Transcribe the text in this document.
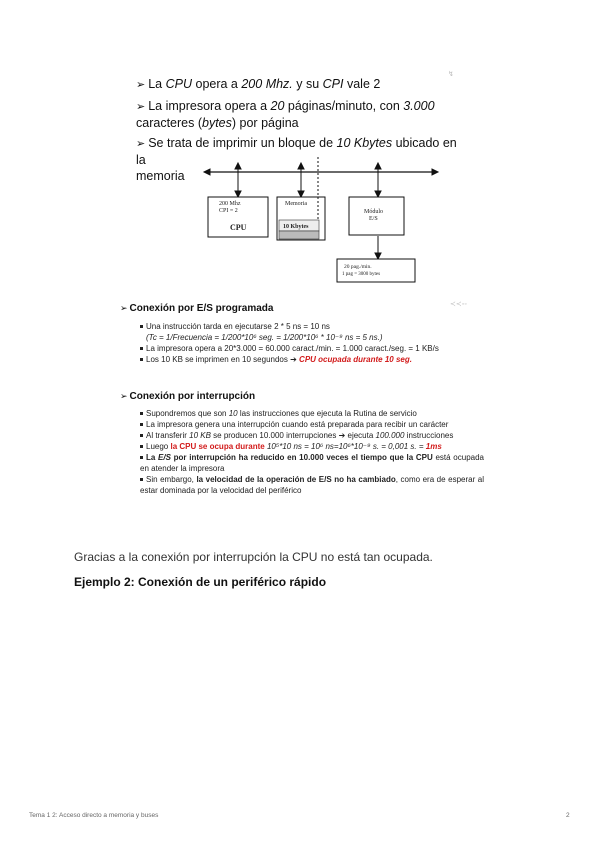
➢ La CPU opera a 200 Mhz. y su CPI vale 2
↯
➢ La impresora opera a 20 páginas/minuto, con 3.000
caracteres (bytes) por página
➢ Se trata de imprimir un bloque de 10 Kbytes ubicado en la
memoria
200 Mhz
CPI = 2
CPU
Memoria
10 Kbytes
Módulo
E/S
20 pag./min.
1 pag = 3000 bytes
➢ Conexión por E/S programada	≺≺◦◦
Una instrucción tarda en ejecutarse 2 * 5 ns = 10 ns
(Tc = 1/Frecuencia = 1/200*10⁶ seg. = 1/200*10⁶ * 10⁻⁹ ns = 5 ns.)
La impresora opera a 20*3.000 = 60.000 caract./min. = 1.000 caract./seg. = 1 KB/s
Los 10 KB se imprimen en 10 segundos ➔ CPU ocupada durante 10 seg.
➢ Conexión por interrupción
Supondremos que son 10 las instrucciones que ejecuta la Rutina de servicio
La impresora genera una interrupción cuando está preparada para recibir un carácter
Al transferir 10 KB se producen 10.000 interrupciones ➔ ejecuta 100.000 instrucciones
Luego la CPU se ocupa durante 10⁵*10 ns = 10⁶ ns=10⁶*10⁻⁹ s. = 0,001 s. = 1ms
La E/S por interrupción ha reducido en 10.000 veces el tiempo que la CPU está ocupada en atender la impresora
Sin embargo, la velocidad de la operación de E/S no ha cambiado, como era de esperar al estar dominada por la velocidad del periférico
Gracias a la conexión por interrupción la CPU no está tan ocupada.
Ejemplo 2: Conexión de un periférico rápido
Tema 1 2: Acceso directo a memoria y buses	2
